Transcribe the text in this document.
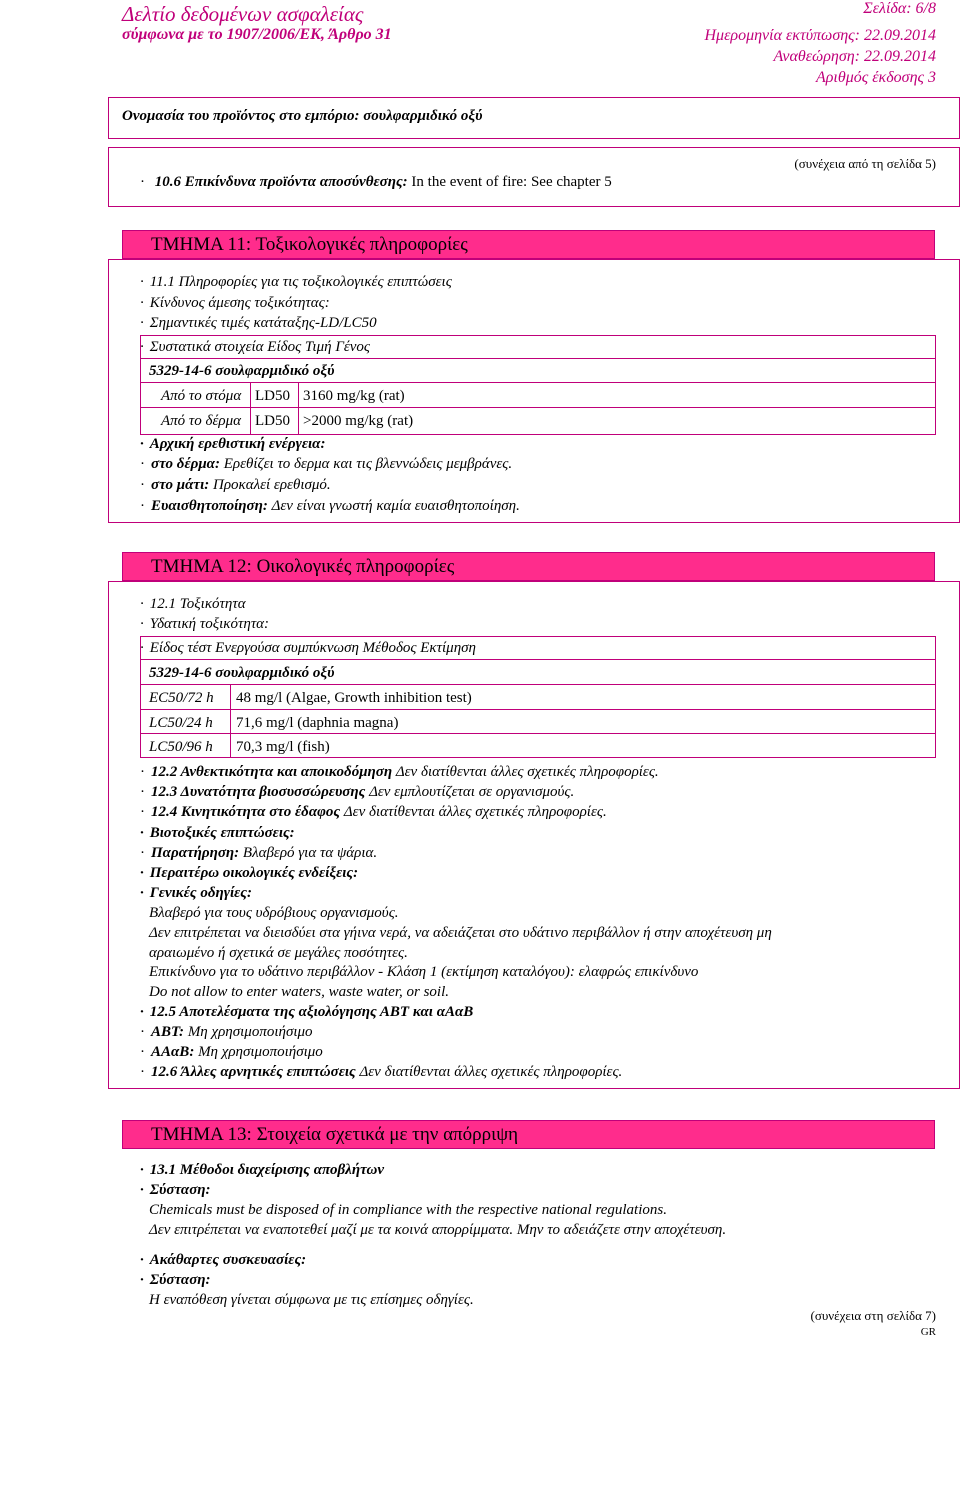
Δελτίο δεδομένων ασφαλείας
σύμφωνα με το 1907/2006/ΕΚ, Άρθρο 31
Σελίδα: 6/8
Ημερομηνία εκτύπωσης: 22.09.2014
Αναθεώρηση: 22.09.2014
Αριθμός έκδοσης 3
Ονομασία του προϊόντος στο εμπόριο: σουλφαρμιδικό οξύ
(συνέχεια από τη σελίδα 5)
· 10.6 Επικίνδυνα προϊόντα αποσύνθεσης: In the event of fire: See chapter 5
ΤΜΗΜΑ 11: Τοξικολογικές πληροφορίες
· 11.1 Πληροφορίες για τις τοξικολογικές επιπτώσεις
· Κίνδυνος άμεσης τοξικότητας:
· Σημαντικές τιμές κατάταξης-LD/LC50
· Συστατικά στοιχεία Είδος Τιμή Γένος
5329-14-6 σουλφαρμιδικό οξύ
Από το στόμα LD50 3160 mg/kg (rat)
Από το δέρμα LD50 >2000 mg/kg (rat)
· Αρχική ερεθιστική ενέργεια:
· στο δέρμα: Ερεθίζει το δερμα και τις βλεννώδεις μεμβράνες.
· στο μάτι: Προκαλεί ερεθισμό.
· Ευαισθητοποίηση: Δεν είναι γνωστή καμία ευαισθητοποίηση.
ΤΜΗΜΑ 12: Οικολογικές πληροφορίες
· 12.1 Τοξικότητα
· Υδατική τοξικότητα:
· Είδος τέστ Ενεργούσα συμπύκνωση Μέθοδος Εκτίμηση
5329-14-6 σουλφαρμιδικό οξύ
EC50/72 h 48 mg/l (Algae, Growth inhibition test)
LC50/24 h 71,6 mg/l (daphnia magna)
LC50/96 h 70,3 mg/l (fish)
· 12.2 Ανθεκτικότητα και αποικοδόμηση Δεν διατίθενται άλλες σχετικές πληροφορίες.
· 12.3 Δυνατότητα βιοσυσσώρευσης Δεν εμπλουτίζεται σε οργανισμούς.
· 12.4 Κινητικότητα στο έδαφος Δεν διατίθενται άλλες σχετικές πληροφορίες.
· Βιοτοξικές επιπτώσεις:
· Παρατήρηση: Βλαβερό για τα ψάρια.
· Περαιτέρω οικολογικές ενδείξεις:
· Γενικές οδηγίες:
Βλαβερό για τους υδρόβιους οργανισμούς.
Δεν επιτρέπεται να διεισδύει στα γήινα νερά, να αδειάζεται στο υδάτινο περιβάλλον ή στην αποχέτευση μη
αραιωμένο ή σχετικά σε μεγάλες ποσότητες.
Επικίνδυνο για το υδάτινο περιβάλλον - Κλάση 1 (εκτίμηση καταλόγου): ελαφρώς επικίνδυνο
Do not allow to enter waters, waste water, or soil.
· 12.5 Αποτελέσματα της αξιολόγησης ΑΒΤ και αΑαΒ
· ΑΒΤ: Μη χρησιμοποιήσιμο
· ΑΑαΒ: Μη χρησιμοποιήσιμο
· 12.6 Άλλες αρνητικές επιπτώσεις Δεν διατίθενται άλλες σχετικές πληροφορίες.
ΤΜΗΜΑ 13: Στοιχεία σχετικά με την απόρριψη
· 13.1 Μέθοδοι διαχείρισης αποβλήτων
· Σύσταση:
Chemicals must be disposed of in compliance with the respective national regulations.
Δεν επιτρέπεται να εναποτεθεί μαζί με τα κοινά απορρίμματα. Μην το αδειάζετε στην αποχέτευση.
· Ακάθαρτες συσκευασίες:
· Σύσταση:
Η εναπόθεση γίνεται σύμφωνα με τις επίσημες οδηγίες.
(συνέχεια στη σελίδα 7)
GR
